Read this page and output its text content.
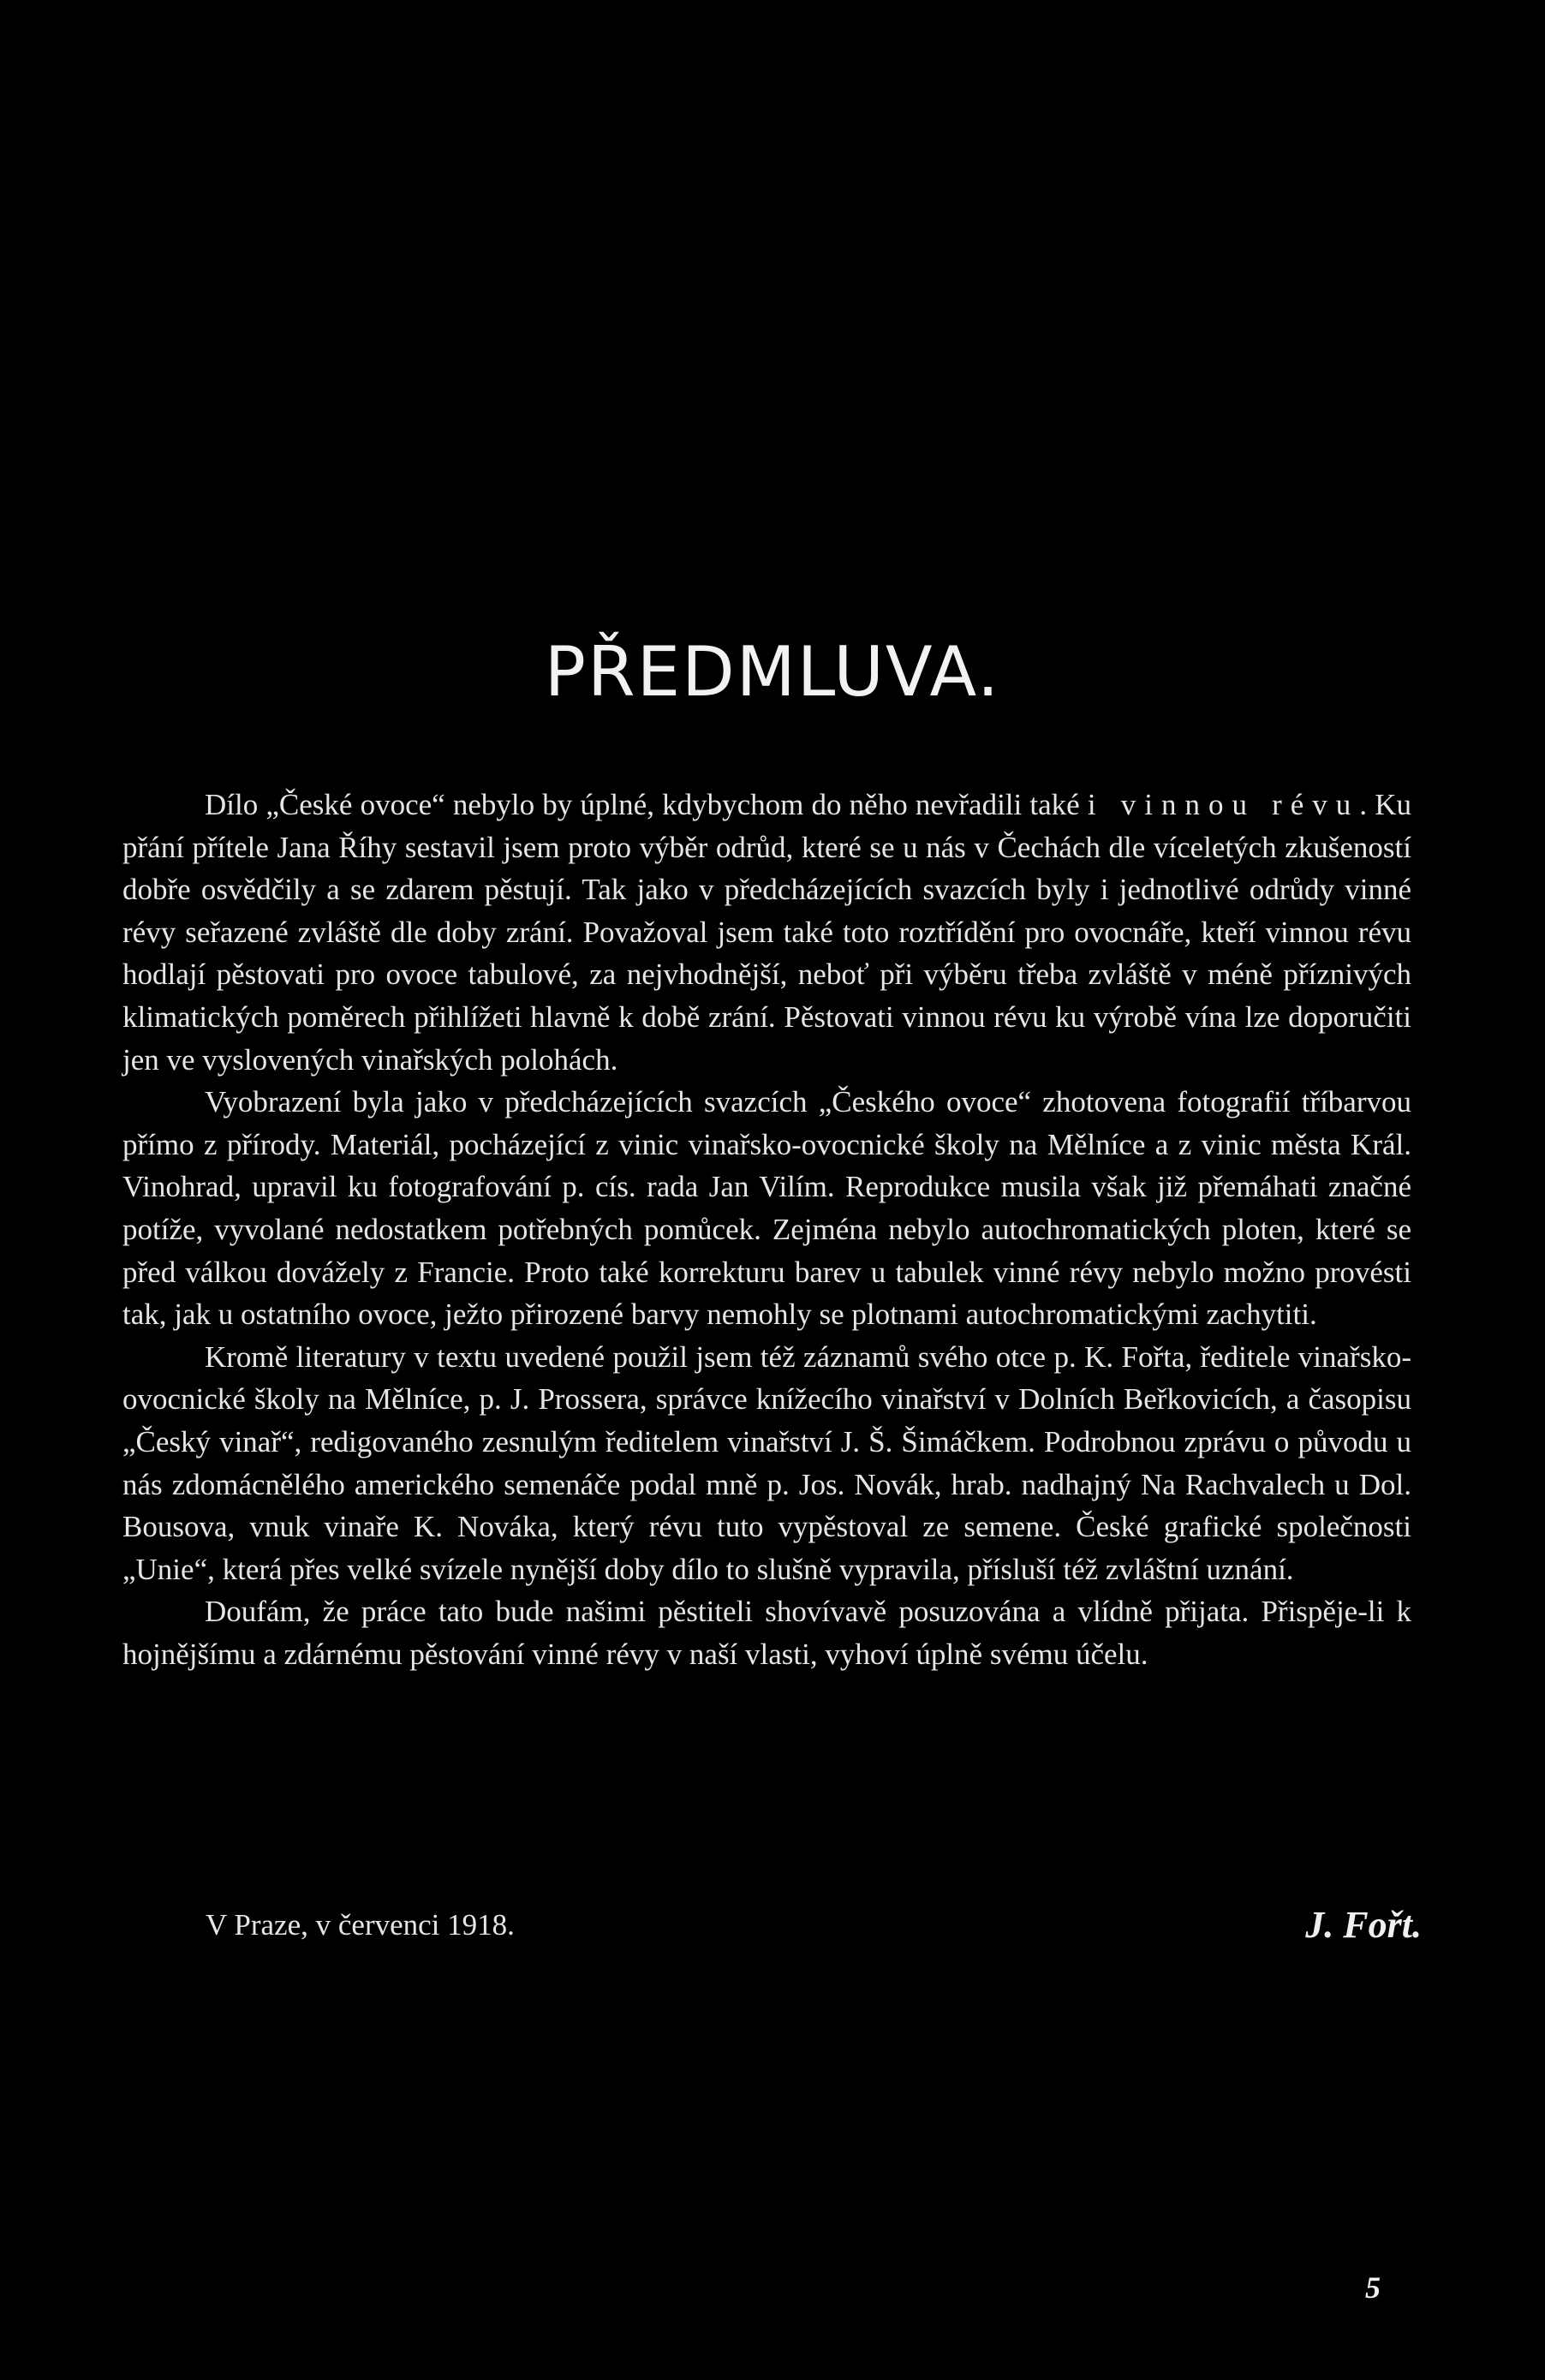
PŘEDMLUVA.

Dílo „České ovoce“ nebylo by úplné, kdybychom do něho nevřadili také i vinnou révu. Ku přání přítele Jana Říhy sestavil jsem proto výběr odrůd, které se u nás v Čechách dle víceletých zkušeností dobře osvědčily a se zdarem pěstují. Tak jako v předcházejících svazcích byly i jednotlivé odrůdy vinné révy seřazené zvláště dle doby zrání. Považoval jsem také toto roztřídění pro ovocnáře, kteří vinnou révu hodlají pěstovati pro ovoce tabulové, za nejvhodnější, neboť při výběru třeba zvláště v méně příznivých klimatických poměrech přihlížeti hlavně k době zrání. Pěstovati vinnou révu ku výrobě vína lze doporučiti jen ve vyslovených vinařských polohách.

Vyobrazení byla jako v předcházejících svazcích „Českého ovoce“ zhotovena fotografií tříbarvou přímo z přírody. Materiál, pocházející z vinic vinařsko-ovocnické školy na Mělníce a z vinic města Král. Vinohrad, upravil ku fotografování p. cís. rada Jan Vilím. Reprodukce musila však již přemáhati značné potíže, vyvolané nedostatkem potřebných pomůcek. Zejména nebylo autochromatických ploten, které se před válkou dovážely z Francie. Proto také korrekturu barev u tabulek vinné révy nebylo možno provésti tak, jak u ostatního ovoce, ježto přirozené barvy nemohly se plotnami autochromatickými zachytiti.

Kromě literatury v textu uvedené použil jsem též záznamů svého otce p. K. Fořta, ředitele vinařsko-ovocnické školy na Mělníce, p. J. Prossera, správce knížecího vinařství v Dolních Beřkovicích, a časopisu „Český vinař“, redigovaného zesnulým ředitelem vinařství J. Š. Šimáčkem. Podrobnou zprávu o původu u nás zdomácnělého amerického semenáče podal mně p. Jos. Novák, hrab. nadhajný Na Rachvalech u Dol. Bousova, vnuk vinaře K. Nováka, který révu tuto vypěstoval ze semene. České grafické společnosti „Unie“, která přes velké svízele nynější doby dílo to slušně vypravila, přísluší též zvláštní uznání.

Doufám, že práce tato bude našimi pěstiteli shovívavě posuzována a vlídně přijata. Přispěje-li k hojnějšímu a zdárnému pěstování vinné révy v naší vlasti, vyhoví úplně svému účelu.

V Praze, v červenci 1918.	J. Fořt.
5
